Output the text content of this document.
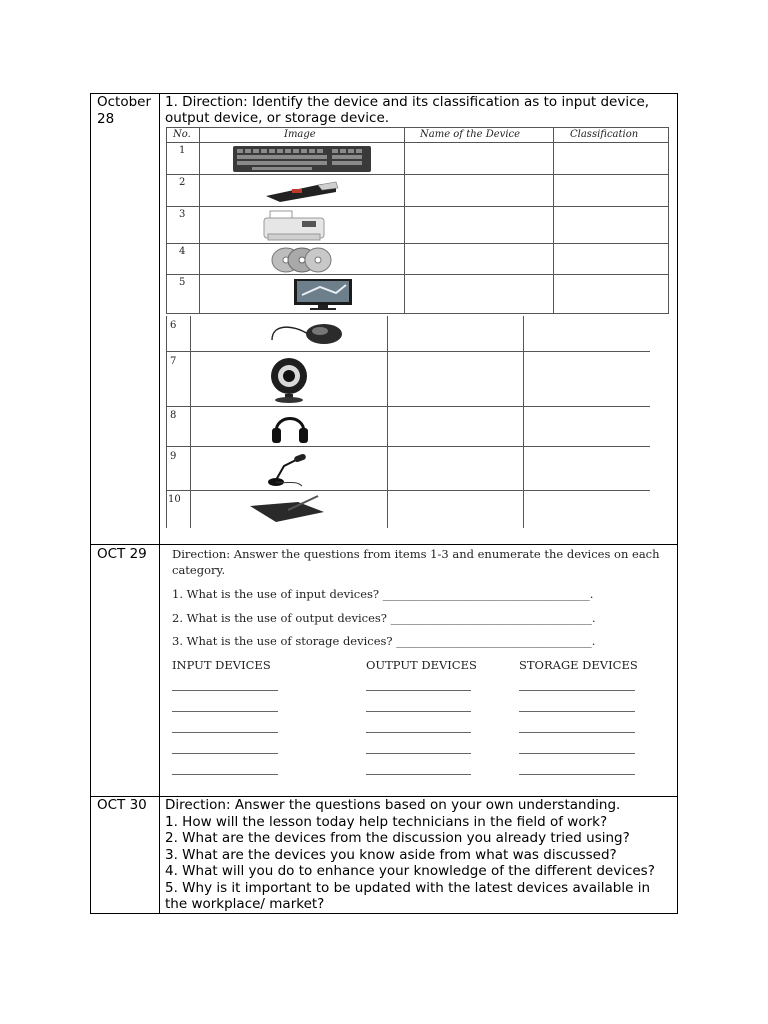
October 28
1. Direction: Identify the device and its classification as to input device,
output device, or storage device.
No.	Image	Name of the Device	Classification
1
2
3
4
5
6
7
8
9
10
OCT 29	Direction: Answer the questions from items 1-3 and enumerate the devices on each
category.
1. What is the use of input devices? ____________________________________.
2. What is the use of output devices? ___________________________________.
3. What is the use of storage devices? __________________________________.
INPUT DEVICES	OUTPUT DEVICES	STORAGE DEVICES
OCT 30	Direction: Answer the questions based on your own understanding.
1. How will the lesson today help technicians in the field of work?
2. What are the devices from the discussion you already tried using?
3. What are the devices you know aside from what was discussed?
4. What will you do to enhance your knowledge of the different devices?
5. Why is it important to be updated with the latest devices available in
the workplace/ market?
